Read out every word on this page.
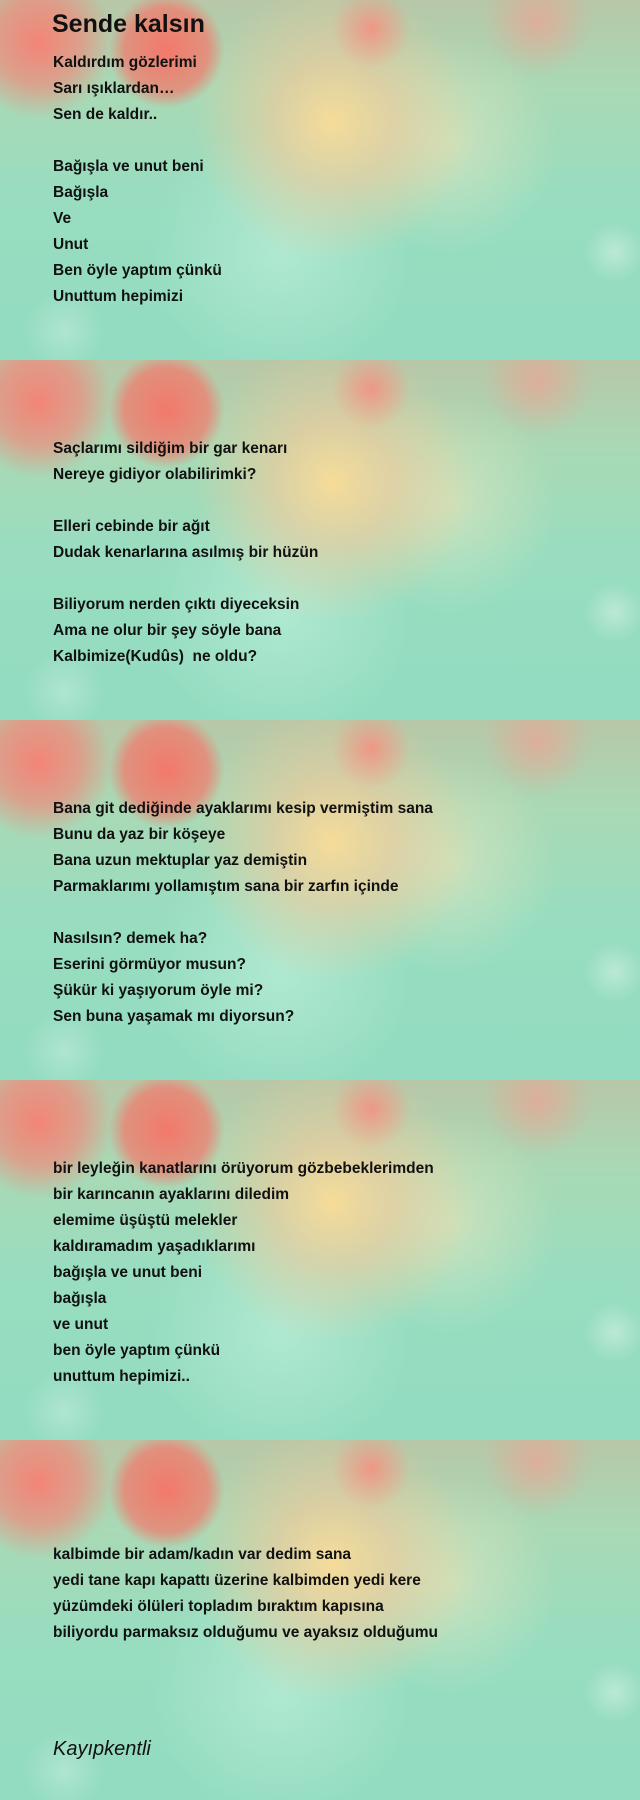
Sende kalsın
Kaldırdım gözlerimi
Sarı ışıklardan…
Sen de kaldır..
Bağışla ve unut beni
Bağışla
Ve
Unut
Ben öyle yaptım çünkü
Unuttum hepimizi
Saçlarımı sildiğim bir gar kenarı
Nereye gidiyor olabilirimki?
Elleri cebinde bir ağıt
Dudak kenarlarına asılmış bir hüzün
Biliyorum nerden çıktı diyeceksin
Ama ne olur bir şey söyle bana
Kalbimize(Kudûs)  ne oldu?
Bana git dediğinde ayaklarımı kesip vermiştim sana
Bunu da yaz bir köşeye
Bana uzun mektuplar yaz demiştin
Parmaklarımı yollamıştım sana bir zarfın içinde
Nasılsın? demek ha?
Eserini görmüyor musun?
Şükür ki yaşıyorum öyle mi?
Sen buna yaşamak mı diyorsun?
bir leyleğin kanatlarını örüyorum gözbebeklerimden
bir karıncanın ayaklarını diledim
elemime üşüştü melekler
kaldıramadım yaşadıklarımı
bağışla ve unut beni
bağışla
ve unut
ben öyle yaptım çünkü
unuttum hepimizi..
kalbimde bir adam/kadın var dedim sana
yedi tane kapı kapattı üzerine kalbimden yedi kere
yüzümdeki ölüleri topladım bıraktım kapısına
biliyordu parmaksız olduğumu ve ayaksız olduğumu
Kayıpkentli
